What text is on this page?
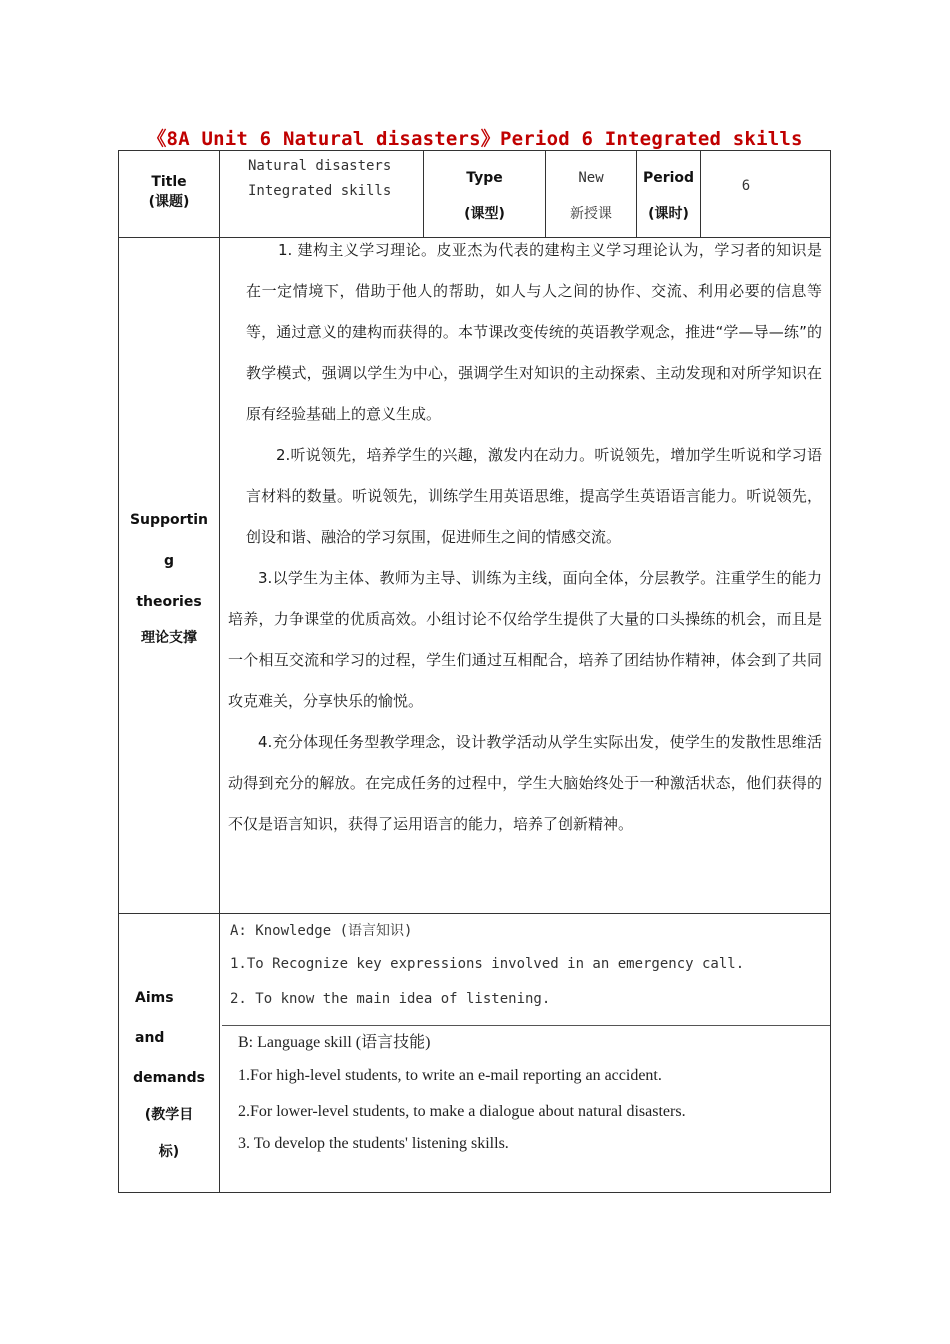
《8A Unit 6 Natural disasters》Period 6 Integrated skills
Title
(课题)
Natural disasters
Integrated skills
Type
(课型)
New
新授课
Period
(课时)
6
Supportin
g
theories
理论支撑

1. 建构主义学习理论。皮亚杰为代表的建构主义学习理论认为，学习者的知识是在一定情境下，借助于他人的帮助，如人与人之间的协作、交流、利用必要的信息等等，通过意义的建构而获得的。本节课改变传统的英语教学观念，推进“学—导—练”的教学模式，强调以学生为中心，强调学生对知识的主动探索、主动发现和对所学知识在原有经验基础上的意义生成。

2.听说领先，培养学生的兴趣，激发内在动力。听说领先，增加学生听说和学习语言材料的数量。听说领先，训练学生用英语思维，提高学生英语语言能力。听说领先，创设和谐、融洽的学习氛围，促进师生之间的情感交流。

3.以学生为主体、教师为主导、训练为主线，面向全体，分层教学。注重学生的能力培养，力争课堂的优质高效。小组讨论不仅给学生提供了大量的口头操练的机会，而且是一个相互交流和学习的过程，学生们通过互相配合，培养了团结协作精神，体会到了共同攻克难关，分享快乐的愉悦。

4.充分体现任务型教学理念，设计教学活动从学生实际出发，使学生的发散性思维活动得到充分的解放。在完成任务的过程中，学生大脑始终处于一种激活状态，他们获得的不仅是语言知识，获得了运用语言的能力，培养了创新精神。

Aims and
demands
(教学目
标)
A: Knowledge (语言知识)
1.To Recognize key expressions involved in an emergency call.
2. To know the main idea of listening.
B: Language skill (语言技能)
1.For high-level students, to write an e-mail reporting an accident.
2.For lower-level students, to make a dialogue about natural disasters.
3. To develop the students' listening skills.
